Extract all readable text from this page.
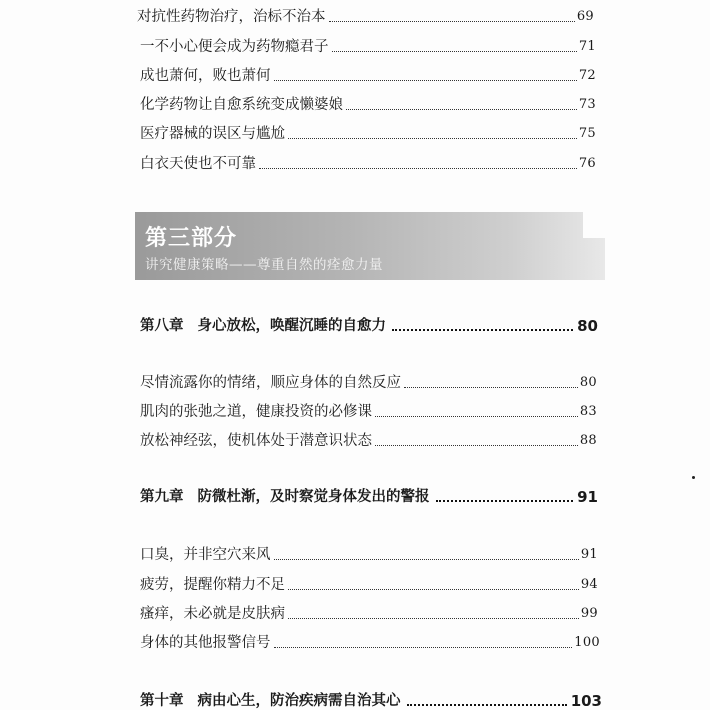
对抗性药物治疗，治标不治本	69
一不小心便会成为药物瘾君子	71
成也萧何，败也萧何	72
化学药物让自愈系统变成懒婆娘	73
医疗器械的误区与尴尬	75
白衣天使也不可靠	76
第三部分
讲究健康策略——尊重自然的痊愈力量
第八章 身心放松，唤醒沉睡的自愈力	80
尽情流露你的情绪，顺应身体的自然反应	80
肌肉的张弛之道，健康投资的必修课	83
放松神经弦，使机体处于潜意识状态	88
第九章 防微杜渐，及时察觉身体发出的警报	91
口臭，并非空穴来风	91
疲劳，提醒你精力不足	94
瘙痒，未必就是皮肤病	99
身体的其他报警信号	100
第十章 病由心生，防治疾病需自治其心	103
